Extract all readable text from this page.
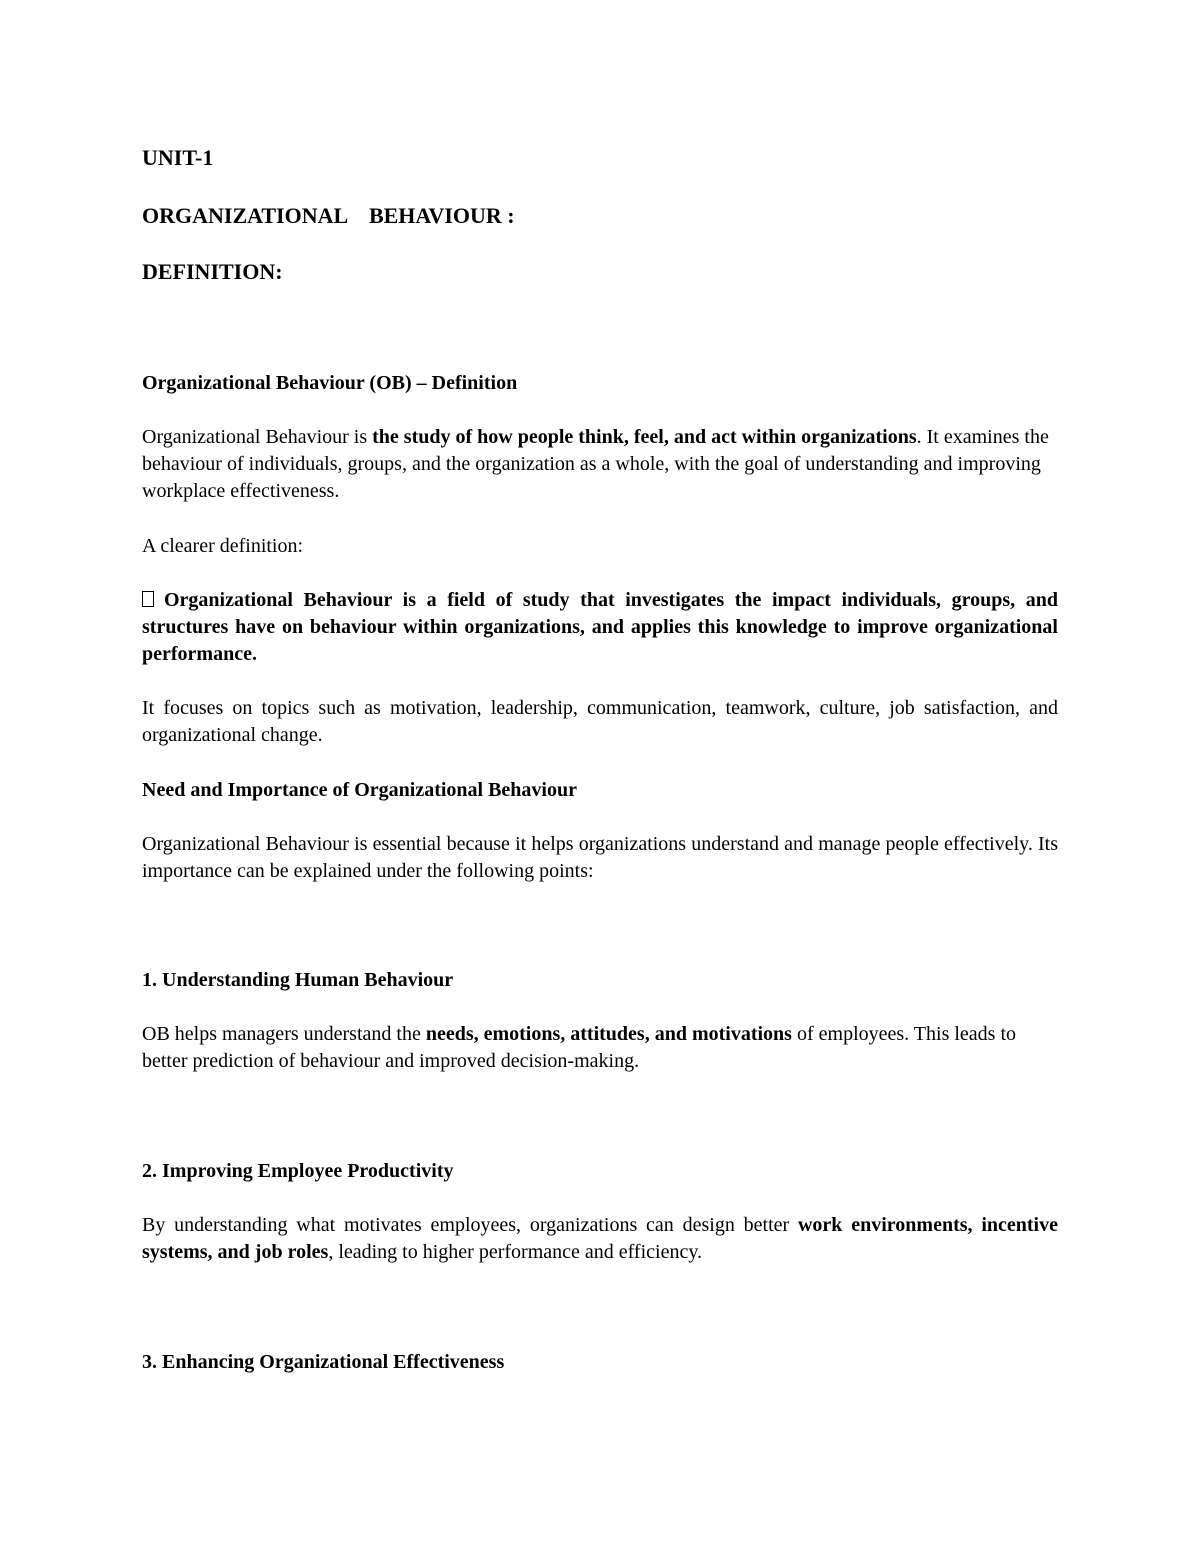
UNIT-1
ORGANIZATIONAL    BEHAVIOUR :
DEFINITION:
Organizational Behaviour (OB) – Definition

Organizational Behaviour is the study of how people think, feel, and act within organizations. It examines the behaviour of individuals, groups, and the organization as a whole, with the goal of understanding and improving workplace effectiveness.

A clearer definition:

Organizational Behaviour is a field of study that investigates the impact individuals, groups, and structures have on behaviour within organizations, and applies this knowledge to improve organizational performance.

It focuses on topics such as motivation, leadership, communication, teamwork, culture, job satisfaction, and organizational change.

Need and Importance of Organizational Behaviour

Organizational Behaviour is essential because it helps organizations understand and manage people effectively. Its importance can be explained under the following points:

1. Understanding Human Behaviour

OB helps managers understand the needs, emotions, attitudes, and motivations of employees. This leads to better prediction of behaviour and improved decision-making.

2. Improving Employee Productivity

By understanding what motivates employees, organizations can design better work environments, incentive systems, and job roles, leading to higher performance and efficiency.

3. Enhancing Organizational Effectiveness
